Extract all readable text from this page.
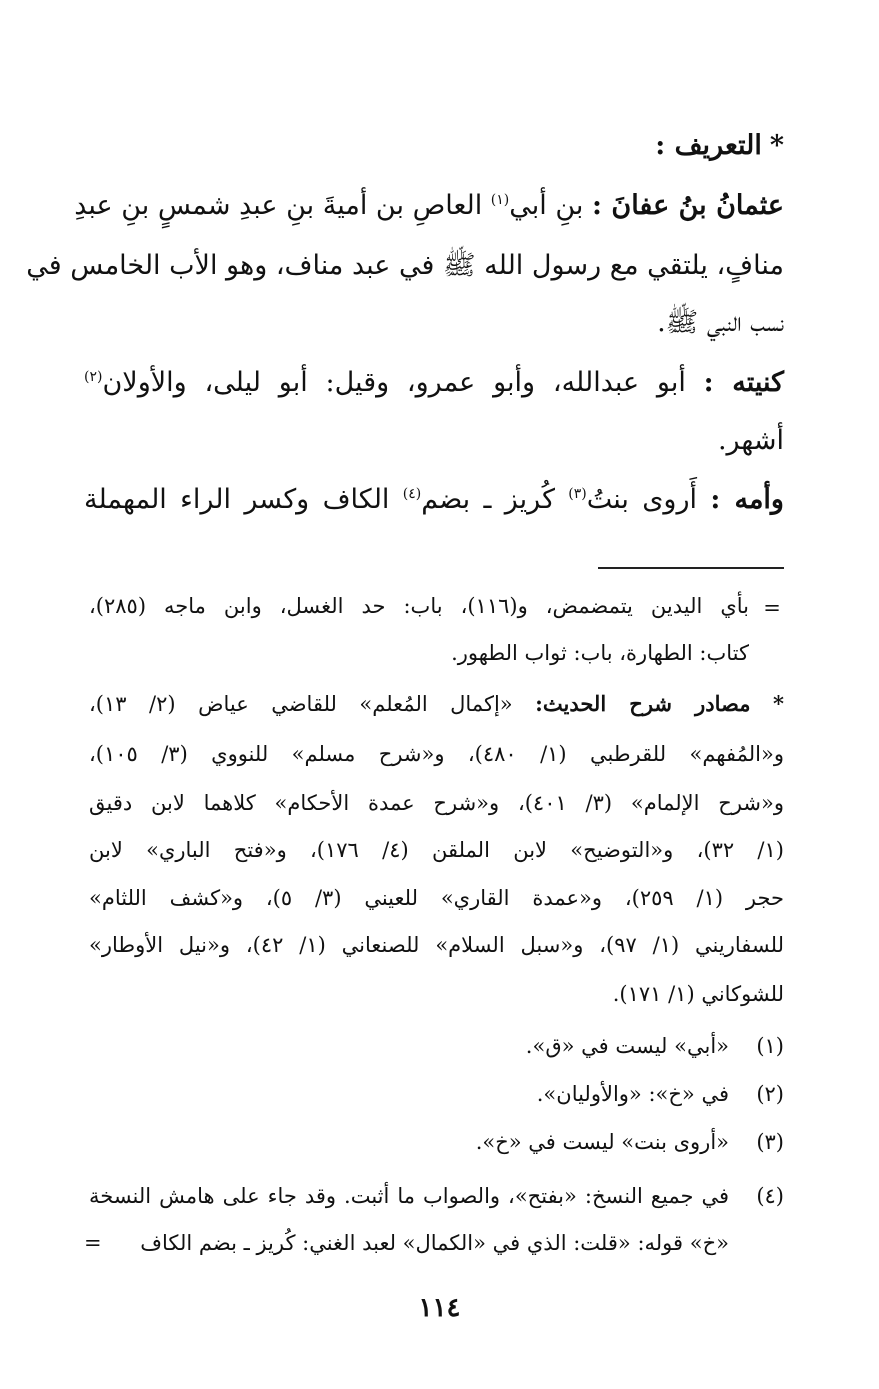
*التعريف :
عثمانُ بنُ عفانَ : بنِ أبي$^{(١)}$ العاصِ بن أميةَ بنِ عبدِ شمسٍ بنِ عبدِ
منافٍ، يلتقي مع رسول الله ﷺ في عبد مناف، وهو الأب الخامس في
نسب النبي ﷺ.
كنيته : أبو عبدالله، وأبو عمرو، وقيل: أبو ليلى، والأولان$^{(٢)}$
أشهر.
وأمه : أَروى بنتُ$^{(٣)}$ كُريز ـ بضم$^{(٤)}$ الكاف وكسر الراء المهملة
=
بأي اليدين يتمضمض، و(١١٦)، باب: حد الغسل، وابن ماجه (٢٨٥)،
كتاب: الطهارة، باب: ثواب الطهور.
* مصادر شرح الحديث: «إكمال المُعلم» للقاضي عياض (٢/ ١٣)،
و«المُفهم» للقرطبي (١/ ٤٨٠)، و«شرح مسلم» للنووي (٣/ ١٠٥)،
و«شرح الإلمام» (٣/ ٤٠١)، و«شرح عمدة الأحكام» كلاهما لابن دقيق
(١/ ٣٢)، و«التوضيح» لابن الملقن (٤/ ١٧٦)، و«فتح الباري» لابن
حجر (١/ ٢٥٩)، و«عمدة القاري» للعيني (٣/ ٥)، و«كشف اللثام»
للسفاريني (١/ ٩٧)، و«سبل السلام» للصنعاني (١/ ٤٢)، و«نيل الأوطار»
للشوكاني (١/ ١٧١).
(١)
«أبي» ليست في «ق».
(٢)
في «خ»: «والأوليان».
(٣)
«أروى بنت» ليست في «خ».
(٤)
في جميع النسخ: «بفتح»، والصواب ما أثبت. وقد جاء على هامش النسخة
«خ» قوله: «قلت: الذي في «الكمال» لعبد الغني: كُريز ـ بضم الكاف
=
١١٤
